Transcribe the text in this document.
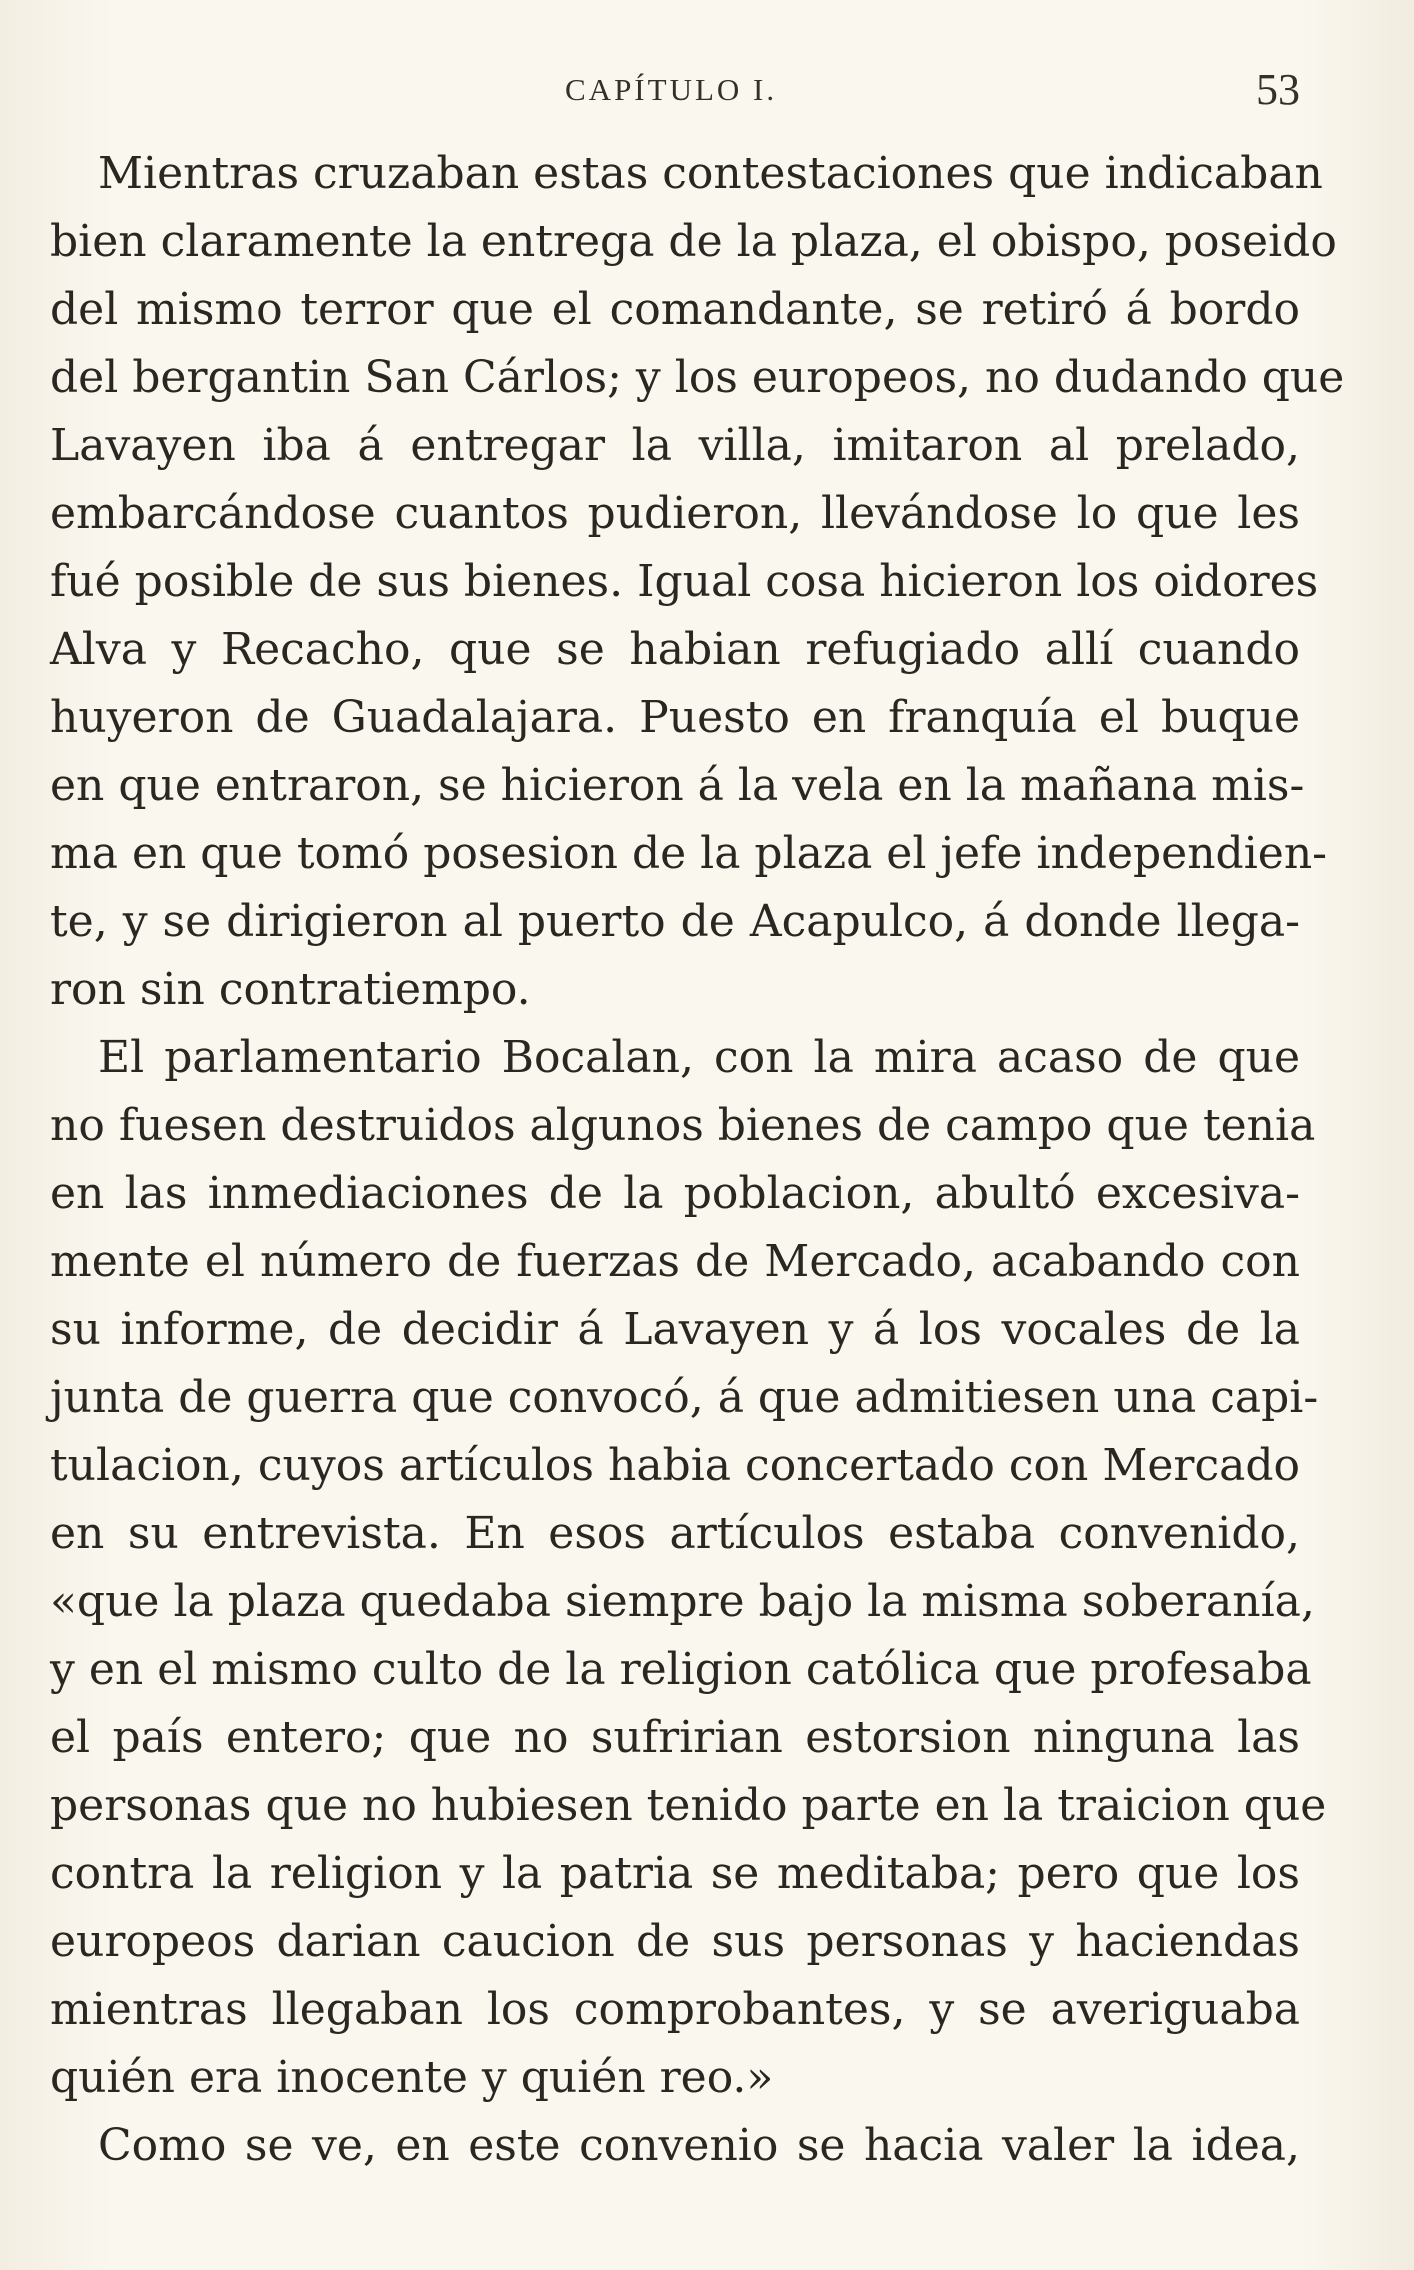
CAPÍTULO I.	53
Mientras cruzaban estas contestaciones que indicaban
bien claramente la entrega de la plaza, el obispo, poseido
del mismo terror que el comandante, se retiró á bordo
del bergantin San Cárlos; y los europeos, no dudando que
Lavayen iba á entregar la villa, imitaron al prelado,
embarcándose cuantos pudieron, llevándose lo que les
fué posible de sus bienes. Igual cosa hicieron los oidores
Alva y Recacho, que se habian refugiado allí cuando
huyeron de Guadalajara. Puesto en franquía el buque
en que entraron, se hicieron á la vela en la mañana mis-
ma en que tomó posesion de la plaza el jefe independien-
te, y se dirigieron al puerto de Acapulco, á donde llega-
ron sin contratiempo.
El parlamentario Bocalan, con la mira acaso de que
no fuesen destruidos algunos bienes de campo que tenia
en las inmediaciones de la poblacion, abultó excesiva-
mente el número de fuerzas de Mercado, acabando con
su informe, de decidir á Lavayen y á los vocales de la
junta de guerra que convocó, á que admitiesen una capi-
tulacion, cuyos artículos habia concertado con Mercado
en su entrevista. En esos artículos estaba convenido,
«que la plaza quedaba siempre bajo la misma soberanía,
y en el mismo culto de la religion católica que profesaba
el país entero; que no sufririan estorsion ninguna las
personas que no hubiesen tenido parte en la traicion que
contra la religion y la patria se meditaba; pero que los
europeos darian caucion de sus personas y haciendas
mientras llegaban los comprobantes, y se averiguaba
quién era inocente y quién reo.»
Como se ve, en este convenio se hacia valer la idea,
